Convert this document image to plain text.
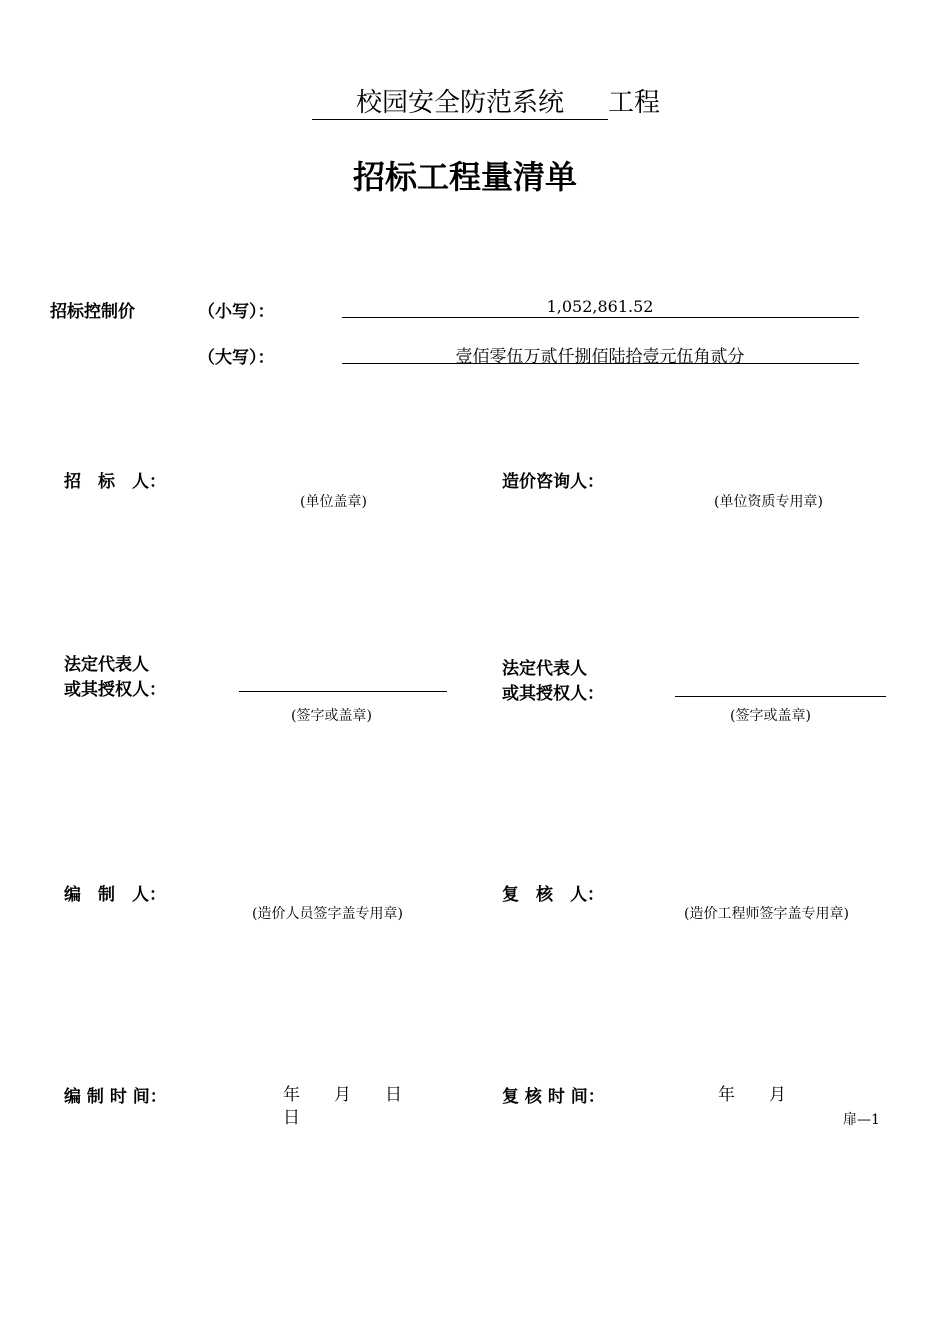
校园安全防范系统 工程
招标工程量清单
招标控制价	（小写）：	1,052,861.52
（大写）：	壹佰零伍万贰仟捌佰陆拾壹元伍角贰分
招　标　人：
(单位盖章)
造价咨询人：
(单位资质专用章)
法定代表人
或其授权人：
(签字或盖章)
法定代表人
或其授权人：
(签字或盖章)
编　制　人：
(造价人员签字盖专用章)
复　核　人：
(造价工程师签字盖专用章)
编 制 时 间：	年　　月　　日
日
复 核 时 间：	年　　月
扉—1
